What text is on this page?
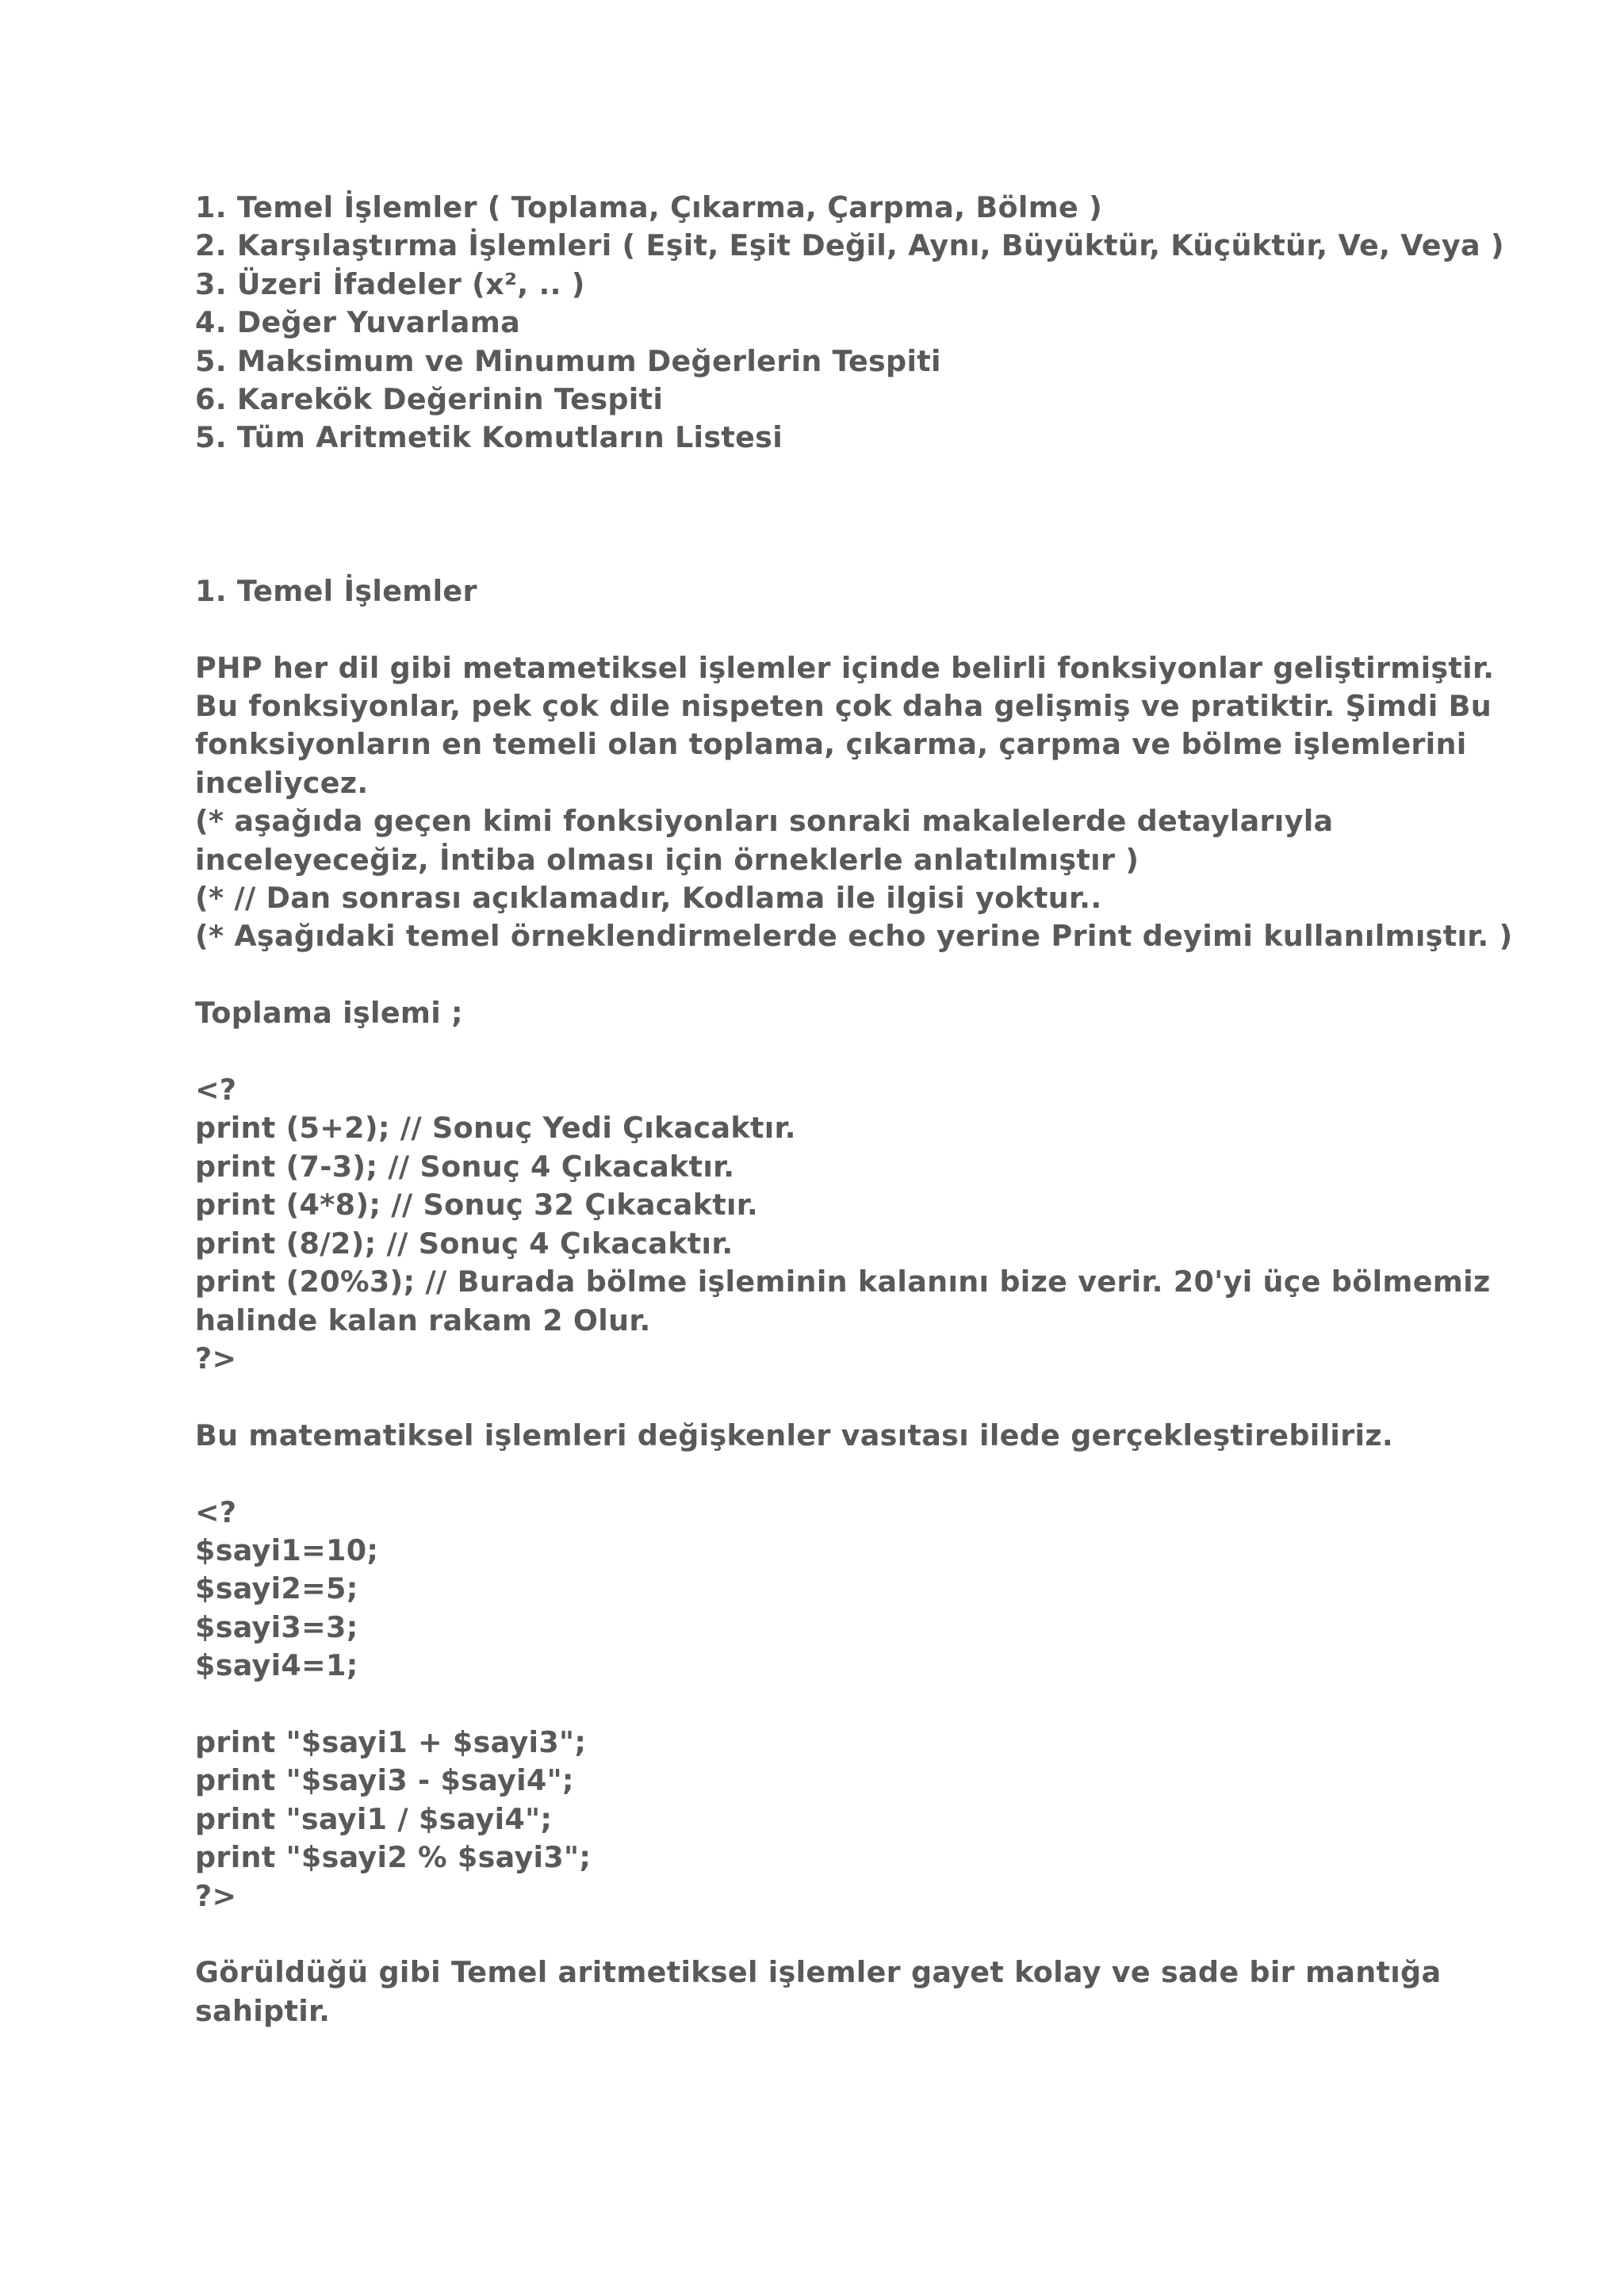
1. Temel İşlemler ( Toplama, Çıkarma, Çarpma, Bölme )
2. Karşılaştırma İşlemleri ( Eşit, Eşit Değil, Aynı, Büyüktür, Küçüktür, Ve, Veya )
3. Üzeri İfadeler (x², .. )
4. Değer Yuvarlama
5. Maksimum ve Minumum Değerlerin Tespiti
6. Karekök Değerinin Tespiti
5. Tüm Aritmetik Komutların Listesi
1. Temel İşlemler
PHP her dil gibi metametiksel işlemler içinde belirli fonksiyonlar geliştirmiştir.
Bu fonksiyonlar, pek çok dile nispeten çok daha gelişmiş ve pratiktir. Şimdi Bu
fonksiyonların en temeli olan toplama, çıkarma, çarpma ve bölme işlemlerini
inceliycez.
(* aşağıda geçen kimi fonksiyonları sonraki makalelerde detaylarıyla
inceleyeceğiz, İntiba olması için örneklerle anlatılmıştır )
(* // Dan sonrası açıklamadır, Kodlama ile ilgisi yoktur..
(* Aşağıdaki temel örneklendirmelerde echo yerine Print deyimi kullanılmıştır. )
Toplama işlemi ;
<?
print (5+2); // Sonuç Yedi Çıkacaktır.
print (7-3); // Sonuç 4 Çıkacaktır.
print (4*8); // Sonuç 32 Çıkacaktır.
print (8/2); // Sonuç 4 Çıkacaktır.
print (20%3); // Burada bölme işleminin kalanını bize verir. 20'yi üçe bölmemiz
halinde kalan rakam 2 Olur.
?>
Bu matematiksel işlemleri değişkenler vasıtası ilede gerçekleştirebiliriz.
<?
$sayi1=10;
$sayi2=5;
$sayi3=3;
$sayi4=1;
print "$sayi1 + $sayi3";
print "$sayi3 - $sayi4";
print "sayi1 / $sayi4";
print "$sayi2 % $sayi3";
?>
Görüldüğü gibi Temel aritmetiksel işlemler gayet kolay ve sade bir mantığa
sahiptir.
